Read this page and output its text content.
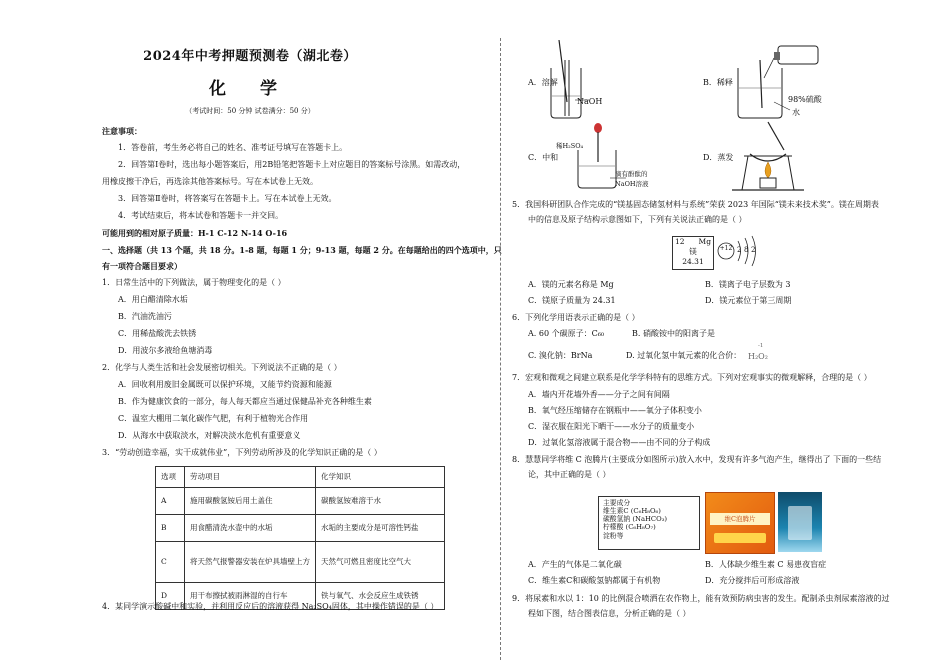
2024年中考押题预测卷（湖北卷）
化 学
（考试时间：50 分钟 试卷满分：50 分）
注意事项：
1．答卷前，考生务必将自己的姓名、准考证号填写在答题卡上。
2．回答第Ⅰ卷时，选出每小题答案后，用2B铅笔把答题卡上对应题目的答案标号涂黑。如需改动，
用橡皮擦干净后，再选涂其他答案标号。写在本试卷上无效。
3．回答第Ⅱ卷时，将答案写在答题卡上。写在本试卷上无效。
4．考试结束后，将本试卷和答题卡一并交回。
可能用到的相对原子质量：H-1 C-12 N-14 O-16
一、选择题（共 13 个题，共 18 分。1-8 题，每题 1 分；9-13 题，每题 2 分。在每题给出的四个选项中，只
有一项符合题目要求）
1．日常生活中的下列做法，属于物理变化的是（ ）
A．用白醋清除水垢
B．汽油洗油污
C．用稀盐酸洗去铁锈
D．用波尔多液给鱼塘消毒
2．化学与人类生活和社会发展密切相关。下列说法不正确的是（ ）
A．回收利用废旧金属既可以保护环境，又能节约资源和能源
B．作为健康饮食的一部分，每人每天都应当通过保健品补充各种维生素
C．温室大棚用二氧化碳作气肥，有利于植物光合作用
D．从海水中获取淡水，对解决淡水危机有重要意义
3．“劳动创造幸福，实干成就伟业”，下列劳动所涉及的化学知识正确的是（ ）
选项	劳动项目	化学知识
A	施用碳酸氢铵后用土盖住	碳酸氢铵难溶于水
B	用食醋清洗水壶中的水垢	水垢的主要成分是可溶性钙盐
C	将天然气报警器安装在炉具墙壁上方	天然气可燃且密度比空气大
D	用干布擦拭被雨淋湿的自行车	铁与氧气、水会反应生成铁锈
4．某同学演示酸碱中和实验，并利用反应后的溶液获得 Na₂SO₄固体，其中操作错误的是（ ）
A．溶解
NaOH
B．稀释
98%硫酸
水
C．中和
稀H₂SO₄
滴有酚酞的
NaOH溶液
D．蒸发
5．我国科研团队合作完成的“镁基固态储氢材料与系统”荣获 2023 年国际“镁未来技术奖”。镁在周期表
中的信息及原子结构示意图如下，下列有关说法正确的是（ ）
12 Mg
镁
24.31
+12 2 8 2
A．镁的元素名称是 Mg	B．镁离子电子层数为 3
C．镁原子质量为 24.31	D．镁元素位于第三周期
6．下列化学用语表示正确的是（ ）
A. 60 个碳原子：C₆₀	B. 硝酸铵中的阳离子是
C. 溴化钠：BrNa	D. 过氧化氢中氧元素的化合价：
-1
H₂O₂
7．宏观和微观之间建立联系是化学学科特有的思维方式。下列对宏观事实的微观解释，合理的是（ ）
A．墙内开花墙外香——分子之间有间隔
B．氧气经压缩储存在钢瓶中——氧分子体积变小
C．湿衣服在阳光下晒干——水分子的质量变小
D．过氧化氢溶液属于混合物——由不同的分子构成
8．慧慧同学将维 C 泡腾片(主要成分如图所示)放入水中，发现有许多气泡产生，继得出了 下面的一些结
论，其中正确的是（ ）
主要成分
维生素C (C₆H₈O₆)
碳酸氢钠 (NaHCO₃)
柠檬酸 (C₆H₈O₇)
淀粉等
维C泡腾片
A．产生的气体是二氧化碳	B．人体缺少维生素 C 易患夜盲症
C．维生素C和碳酸氢钠都属于有机物	D．充分搅拌后可形成溶液
9．将尿素和水以 1：10 的比例混合喷洒在农作物上，能有效预防病虫害的发生。配制杀虫剂尿素溶液的过
程如下图，结合图表信息，分析正确的是（ ）
